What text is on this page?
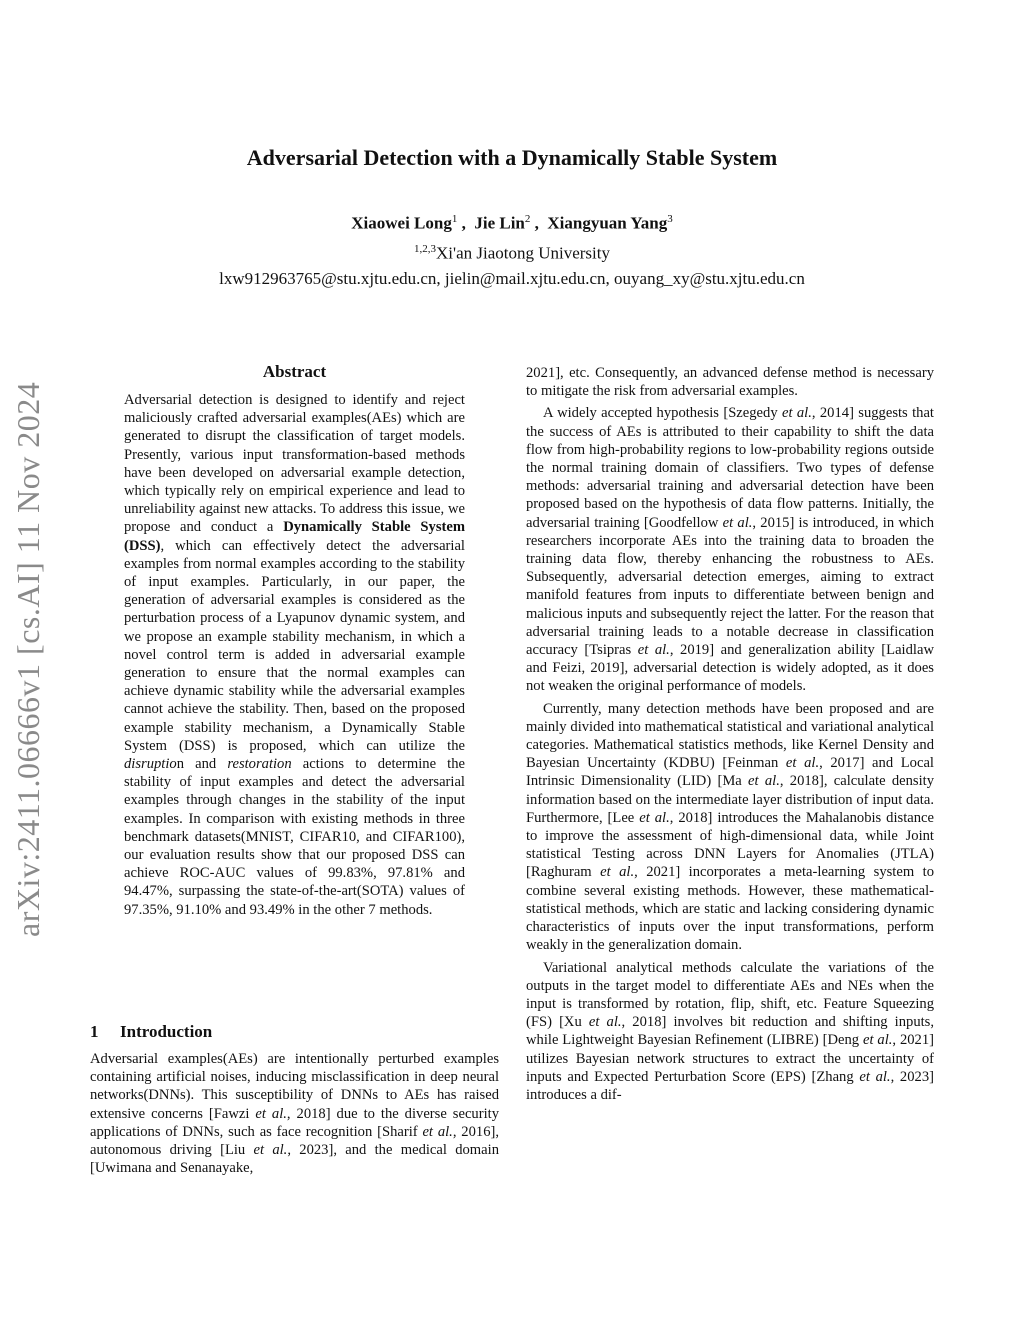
arXiv:2411.06666v1 [cs.AI] 11 Nov 2024
Adversarial Detection with a Dynamically Stable System
Xiaowei Long$^1$ ,  Jie Lin$^2$ ,  Xiangyuan Yang$^3$
$^{1,2,3}$Xi'an Jiaotong University
lxw912963765@stu.xjtu.edu.cn, jielin@mail.xjtu.edu.cn, ouyang_xy@stu.xjtu.edu.cn
Abstract

Adversarial detection is designed to identify and reject maliciously crafted adversarial examples(AEs) which are generated to disrupt the classification of target models. Presently, various input transformation-based methods have been developed on adversarial example detection, which typically rely on empirical experience and lead to unreliability against new attacks. To address this issue, we propose and conduct a Dynamically Stable System (DSS), which can effectively detect the adversarial examples from normal examples according to the stability of input examples. Particularly, in our paper, the generation of adversarial examples is considered as the perturbation process of a Lyapunov dynamic system, and we propose an example stability mechanism, in which a novel control term is added in adversarial example generation to ensure that the normal examples can achieve dynamic stability while the adversarial examples cannot achieve the stability. Then, based on the proposed example stability mechanism, a Dynamically Stable System (DSS) is proposed, which can utilize the disruption and restoration actions to determine the stability of input examples and detect the adversarial examples through changes in the stability of the input examples. In comparison with existing methods in three benchmark datasets(MNIST, CIFAR10, and CIFAR100), our evaluation results show that our proposed DSS can achieve ROC-AUC values of 99.83%, 97.81% and 94.47%, surpassing the state-of-the-art(SOTA) values of 97.35%, 91.10% and 93.49% in the other 7 methods.

1 Introduction

Adversarial examples(AEs) are intentionally perturbed examples containing artificial noises, inducing misclassification in deep neural networks(DNNs). This susceptibility of DNNs to AEs has raised extensive concerns [Fawzi et al., 2018] due to the diverse security applications of DNNs, such as face recognition [Sharif et al., 2016], autonomous driving [Liu et al., 2023], and the medical domain [Uwimana and Senanayake,

2021], etc. Consequently, an advanced defense method is necessary to mitigate the risk from adversarial examples.

A widely accepted hypothesis [Szegedy et al., 2014] suggests that the success of AEs is attributed to their capability to shift the data flow from high-probability regions to low-probability regions outside the normal training domain of classifiers. Two types of defense methods: adversarial training and adversarial detection have been proposed based on the hypothesis of data flow patterns. Initially, the adversarial training [Goodfellow et al., 2015] is introduced, in which researchers incorporate AEs into the training data to broaden the training data flow, thereby enhancing the robustness to AEs. Subsequently, adversarial detection emerges, aiming to extract manifold features from inputs to differentiate between benign and malicious inputs and subsequently reject the latter. For the reason that adversarial training leads to a notable decrease in classification accuracy [Tsipras et al., 2019] and generalization ability [Laidlaw and Feizi, 2019], adversarial detection is widely adopted, as it does not weaken the original performance of models.

Currently, many detection methods have been proposed and are mainly divided into mathematical statistical and variational analytical categories. Mathematical statistics methods, like Kernel Density and Bayesian Uncertainty (KDBU) [Feinman et al., 2017] and Local Intrinsic Dimensionality (LID) [Ma et al., 2018], calculate density information based on the intermediate layer distribution of input data. Furthermore, [Lee et al., 2018] introduces the Mahalanobis distance to improve the assessment of high-dimensional data, while Joint statistical Testing across DNN Layers for Anomalies (JTLA) [Raghuram et al., 2021] incorporates a meta-learning system to combine several existing methods. However, these mathematical-statistical methods, which are static and lacking considering dynamic characteristics of inputs over the input transformations, perform weakly in the generalization domain.

Variational analytical methods calculate the variations of the outputs in the target model to differentiate AEs and NEs when the input is transformed by rotation, flip, shift, etc. Feature Squeezing (FS) [Xu et al., 2018] involves bit reduction and shifting inputs, while Lightweight Bayesian Refinement (LIBRE) [Deng et al., 2021] utilizes Bayesian network structures to extract the uncertainty of inputs and Expected Perturbation Score (EPS) [Zhang et al., 2023] introduces a dif-
